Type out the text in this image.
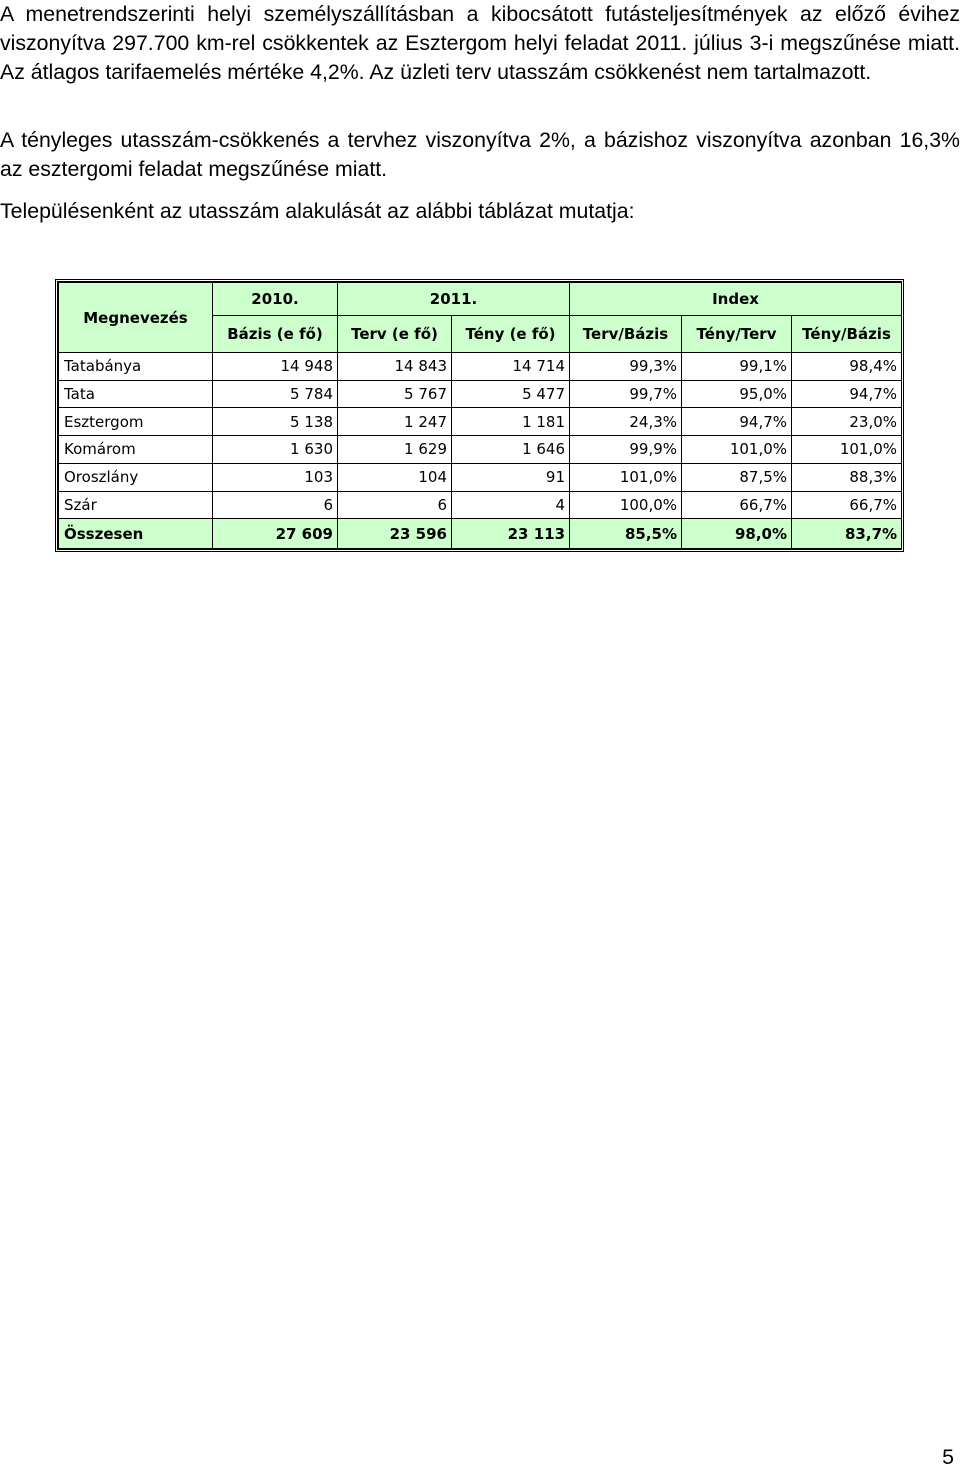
A menetrendszerinti helyi személyszállításban a kibocsátott futásteljesítmények az előző évihez viszonyítva 297.700 km-rel csökkentek az Esztergom helyi feladat 2011. július 3-i megszűnése miatt. Az átlagos tarifaemelés mértéke 4,2%. Az üzleti terv utasszám csökkenést nem tartalmazott.

A tényleges utasszám-csökkenés a tervhez viszonyítva 2%, a bázishoz viszonyítva azonban 16,3% az esztergomi feladat megszűnése miatt.

Településenként az utasszám alakulását az alábbi táblázat mutatja:

Megnevezés	2010.	2011.		Index		
	Bázis (e fő)	Terv (e fő)	Tény (e fő)	Terv/Bázis	Tény/Terv	Tény/Bázis
Tatabánya	14 948	14 843	14 714	99,3%	99,1%	98,4%
Tata	5 784	5 767	5 477	99,7%	95,0%	94,7%
Esztergom	5 138	1 247	1 181	24,3%	94,7%	23,0%
Komárom	1 630	1 629	1 646	99,9%	101,0%	101,0%
Oroszlány	103	104	91	101,0%	87,5%	88,3%
Szár	6	6	4	100,0%	66,7%	66,7%
Összesen	27 609	23 596	23 113	85,5%	98,0%	83,7%
5
